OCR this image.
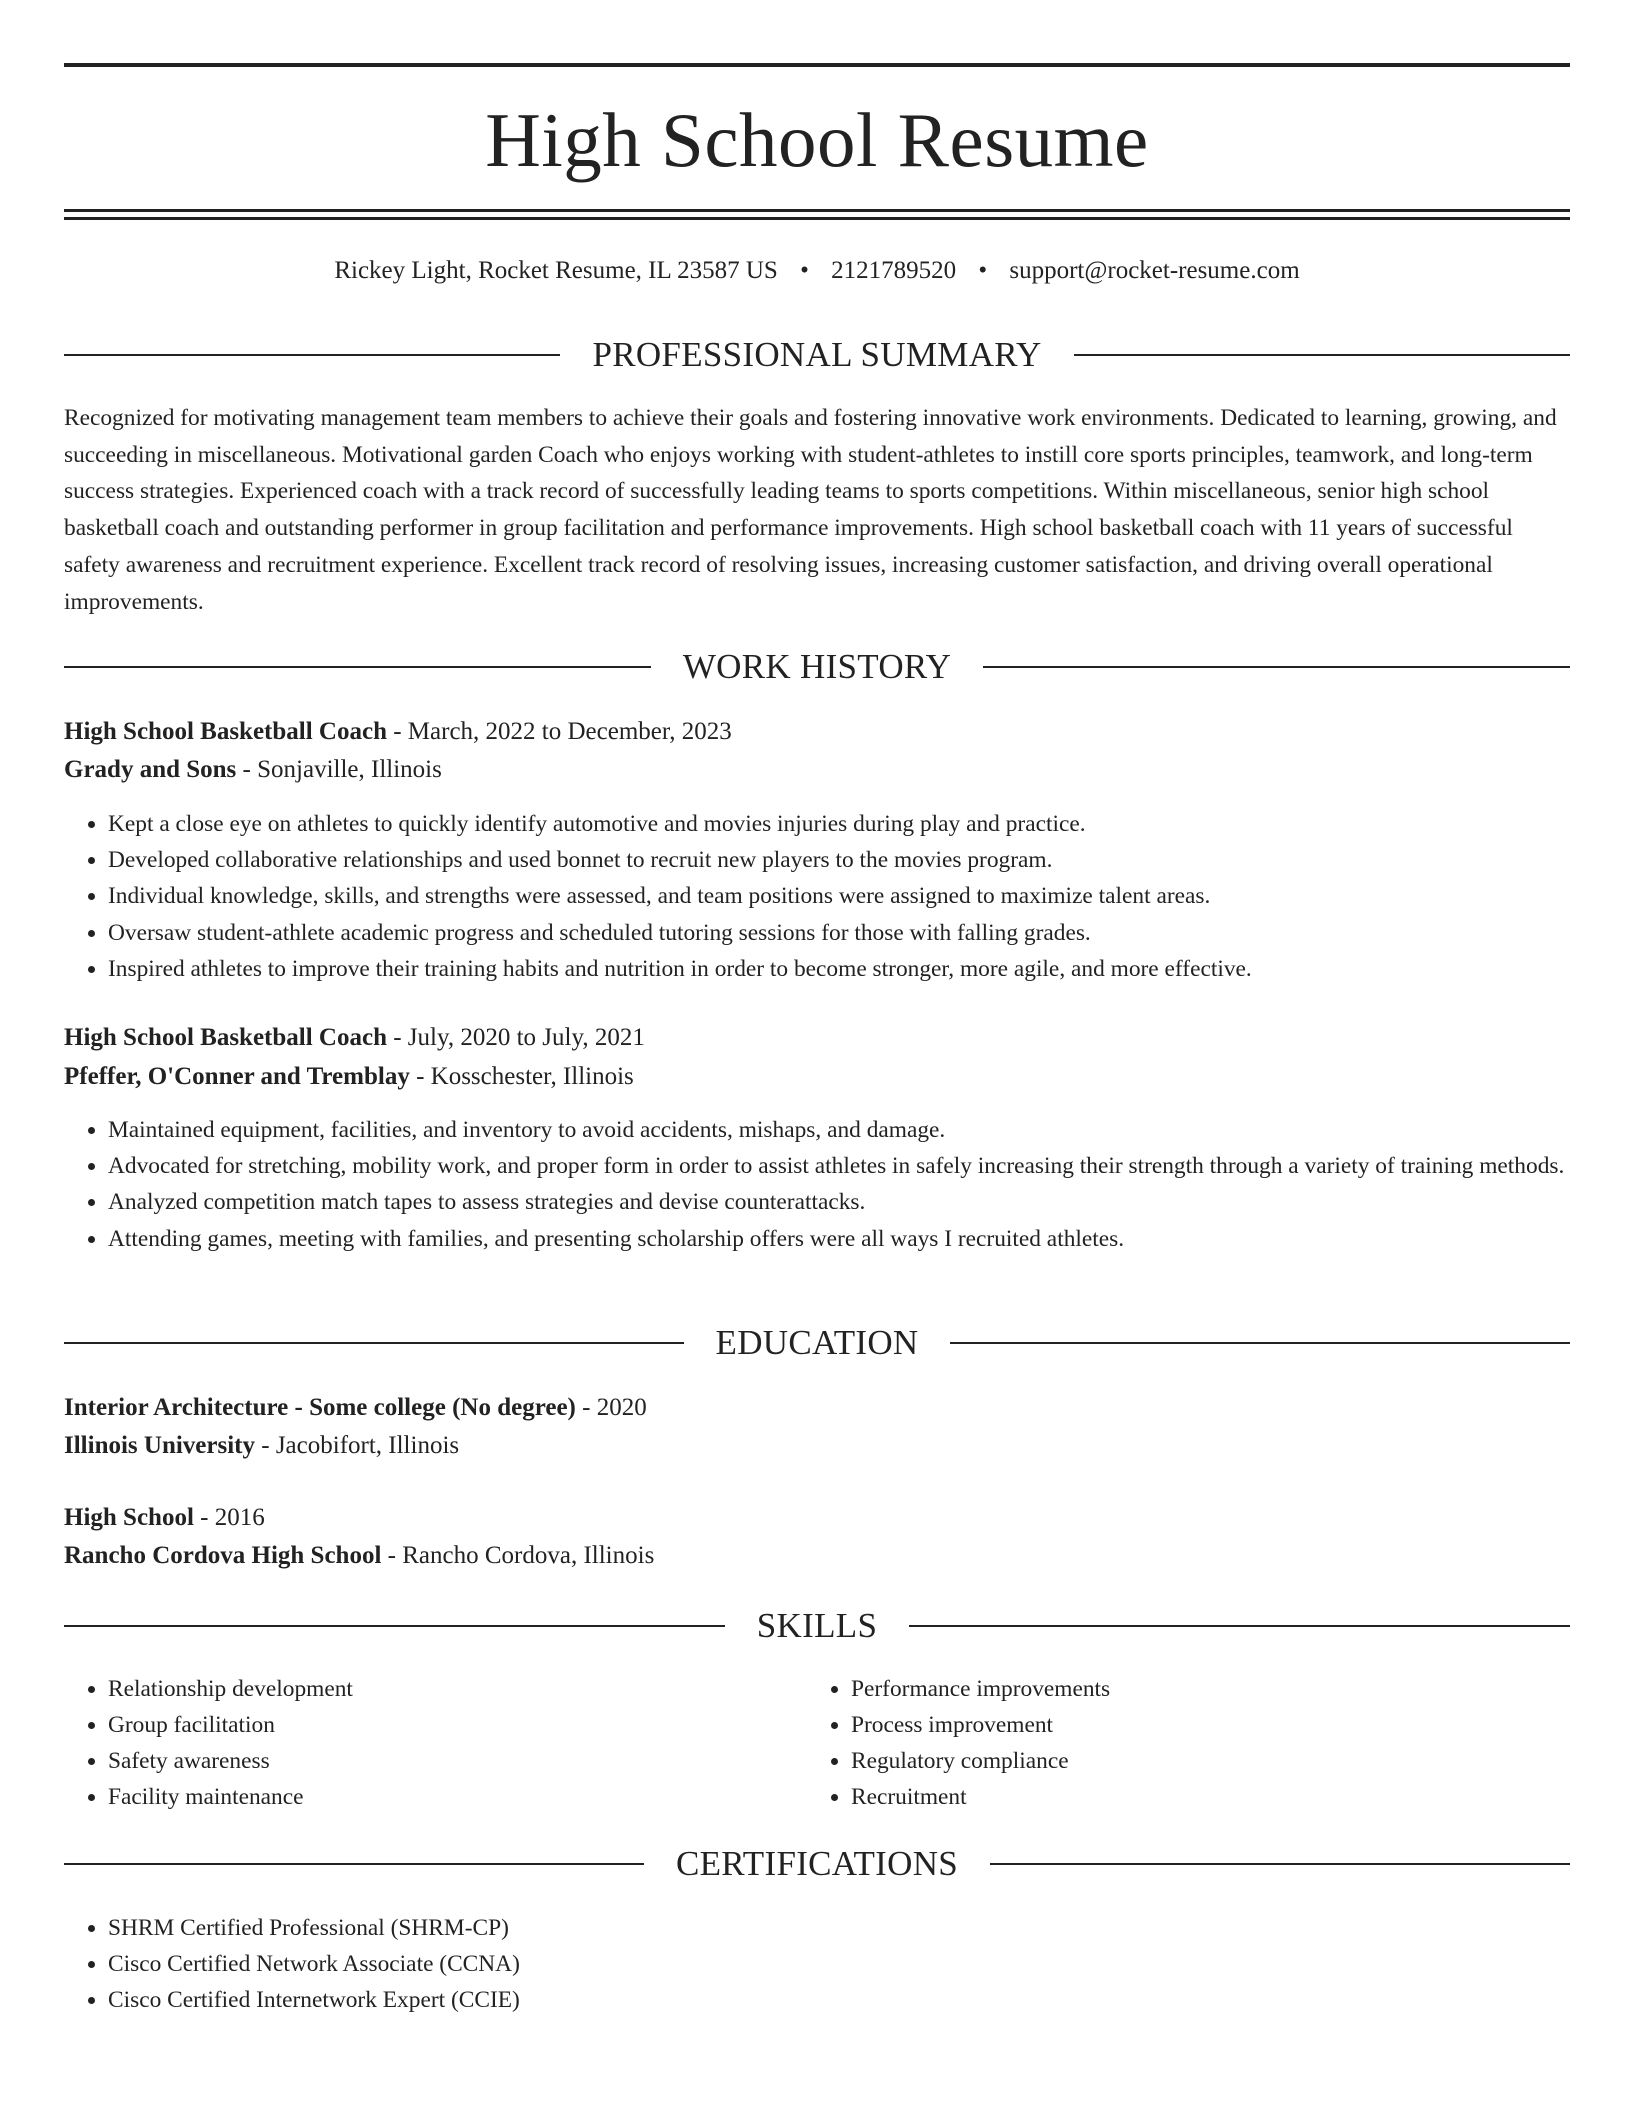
High School Resume
Rickey Light, Rocket Resume, IL 23587 US • 2121789520 • support@rocket-resume.com
PROFESSIONAL SUMMARY

Recognized for motivating management team members to achieve their goals and fostering innovative work environments. Dedicated to learning, growing, and succeeding in miscellaneous. Motivational garden Coach who enjoys working with student-athletes to instill core sports principles, teamwork, and long-term success strategies. Experienced coach with a track record of successfully leading teams to sports competitions. Within miscellaneous, senior high school basketball coach and outstanding performer in group facilitation and performance improvements. High school basketball coach with 11 years of successful safety awareness and recruitment experience. Excellent track record of resolving issues, increasing customer satisfaction, and driving overall operational improvements.

WORK HISTORY
High School Basketball Coach - March, 2022 to December, 2023
Grady and Sons - Sonjaville, Illinois
• Kept a close eye on athletes to quickly identify automotive and movies injuries during play and practice.
• Developed collaborative relationships and used bonnet to recruit new players to the movies program.
• Individual knowledge, skills, and strengths were assessed, and team positions were assigned to maximize talent areas.
• Oversaw student-athlete academic progress and scheduled tutoring sessions for those with falling grades.
• Inspired athletes to improve their training habits and nutrition in order to become stronger, more agile, and more effective.
High School Basketball Coach - July, 2020 to July, 2021
Pfeffer, O'Conner and Tremblay - Kosschester, Illinois
• Maintained equipment, facilities, and inventory to avoid accidents, mishaps, and damage.
• Advocated for stretching, mobility work, and proper form in order to assist athletes in safely increasing their strength through a variety of training methods.
• Analyzed competition match tapes to assess strategies and devise counterattacks.
• Attending games, meeting with families, and presenting scholarship offers were all ways I recruited athletes.
EDUCATION
Interior Architecture - Some college (No degree) - 2020
Illinois University - Jacobifort, Illinois
High School - 2016
Rancho Cordova High School - Rancho Cordova, Illinois
SKILLS
• Relationship development
• Group facilitation
• Safety awareness
• Facility maintenance
• Performance improvements
• Process improvement
• Regulatory compliance
• Recruitment
CERTIFICATIONS
• SHRM Certified Professional (SHRM-CP)
• Cisco Certified Network Associate (CCNA)
• Cisco Certified Internetwork Expert (CCIE)
